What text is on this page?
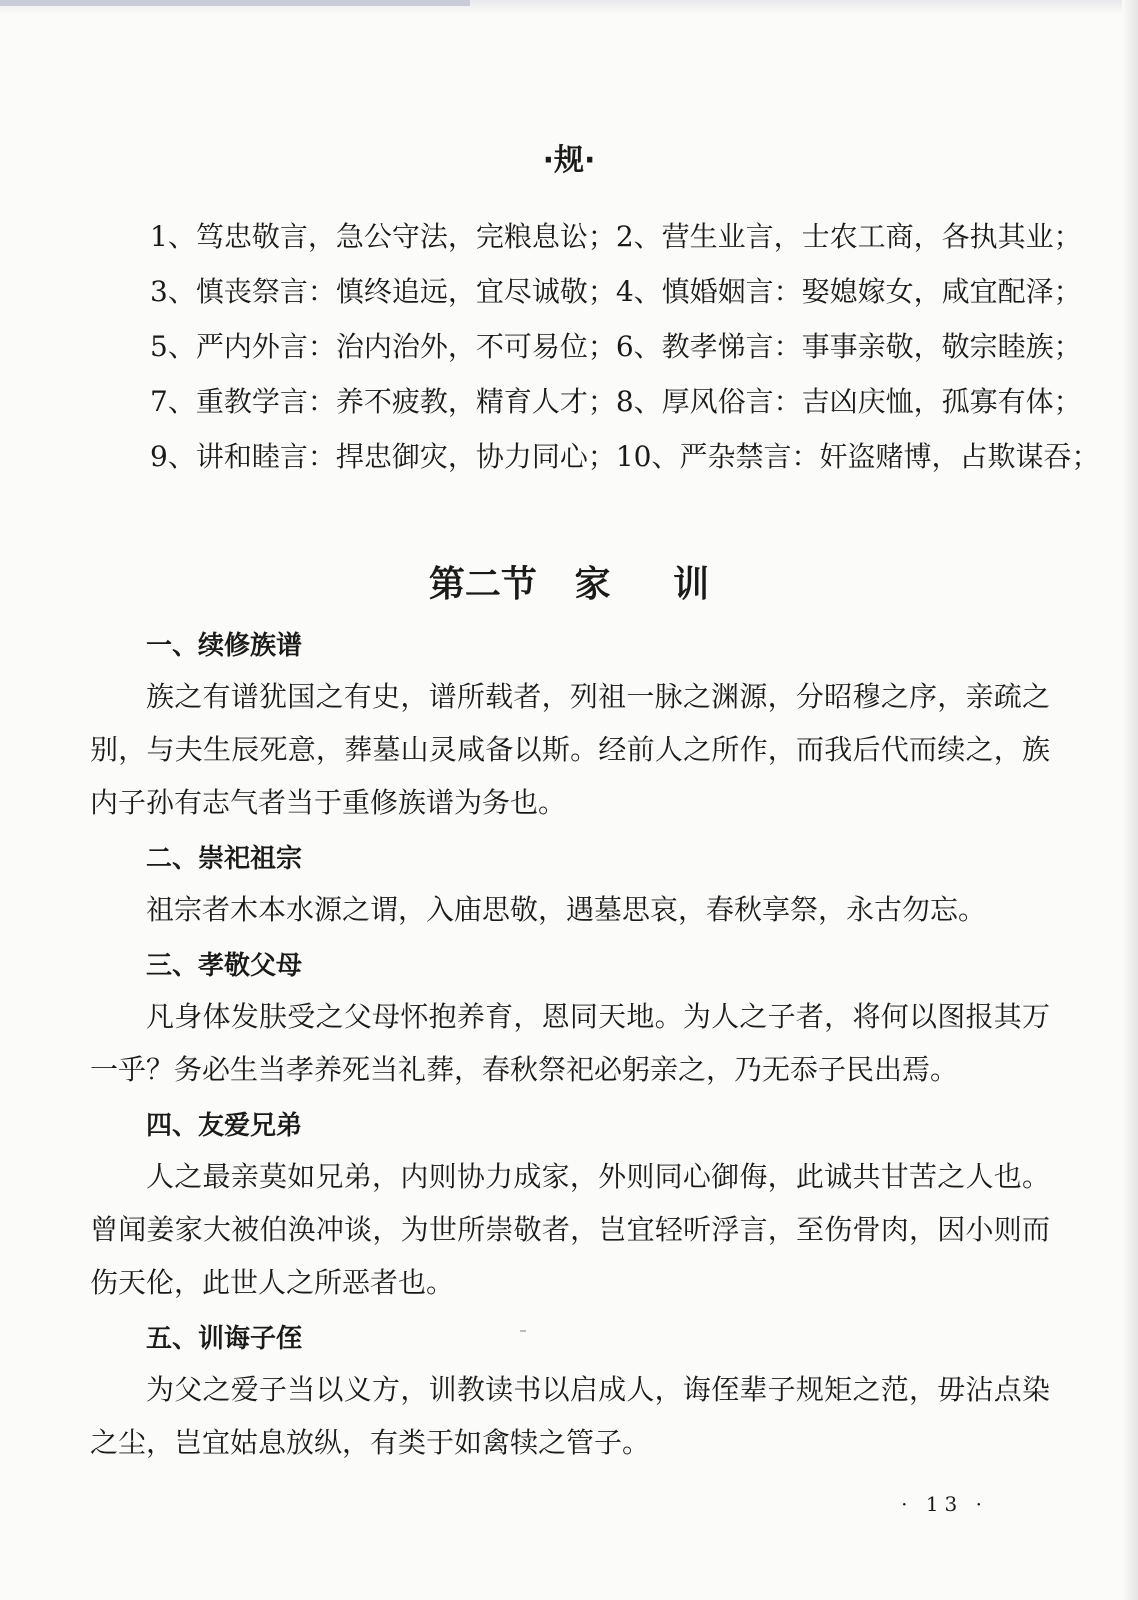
·规·
1、笃忠敬言，急公守法，完粮息讼；2、营生业言，士农工商，各执其业；
3、慎丧祭言：慎终追远，宜尽诚敬；4、慎婚姻言：娶媳嫁女，咸宜配泽；
5、严内外言：治内治外，不可易位；6、教孝悌言：事事亲敬，敬宗睦族；
7、重教学言：养不疲教，精育人才；8、厚风俗言：吉凶庆恤，孤寡有体；
9、讲和睦言：捍忠御灾，协力同心；10、严杂禁言：奸盗赌博，占欺谋吞；
第二节   家     训
一、续修族谱

族之有谱犹国之有史，谱所载者，列祖一脉之渊源，分昭穆之序，亲疏之别，与夫生辰死意，葬墓山灵咸备以斯。经前人之所作，而我后代而续之，族内子孙有志气者当于重修族谱为务也。

二、崇祀祖宗

祖宗者木本水源之谓，入庙思敬，遇墓思哀，春秋享祭，永古勿忘。

三、孝敬父母

凡身体发肤受之父母怀抱养育，恩同天地。为人之子者，将何以图报其万一乎？务必生当孝养死当礼葬，春秋祭祀必躬亲之，乃无忝子民出焉。

四、友爱兄弟

人之最亲莫如兄弟，内则协力成家，外则同心御侮，此诚共甘苦之人也。曾闻姜家大被伯涣冲谈，为世所崇敬者，岂宜轻听浮言，至伤骨肉，因小则而伤天伦，此世人之所恶者也。

五、训诲子侄

为父之爱子当以义方，训教读书以启成人，诲侄辈子规矩之范，毋沾点染之尘，岂宜姑息放纵，有类于如禽犊之管子。

· 13 ·
